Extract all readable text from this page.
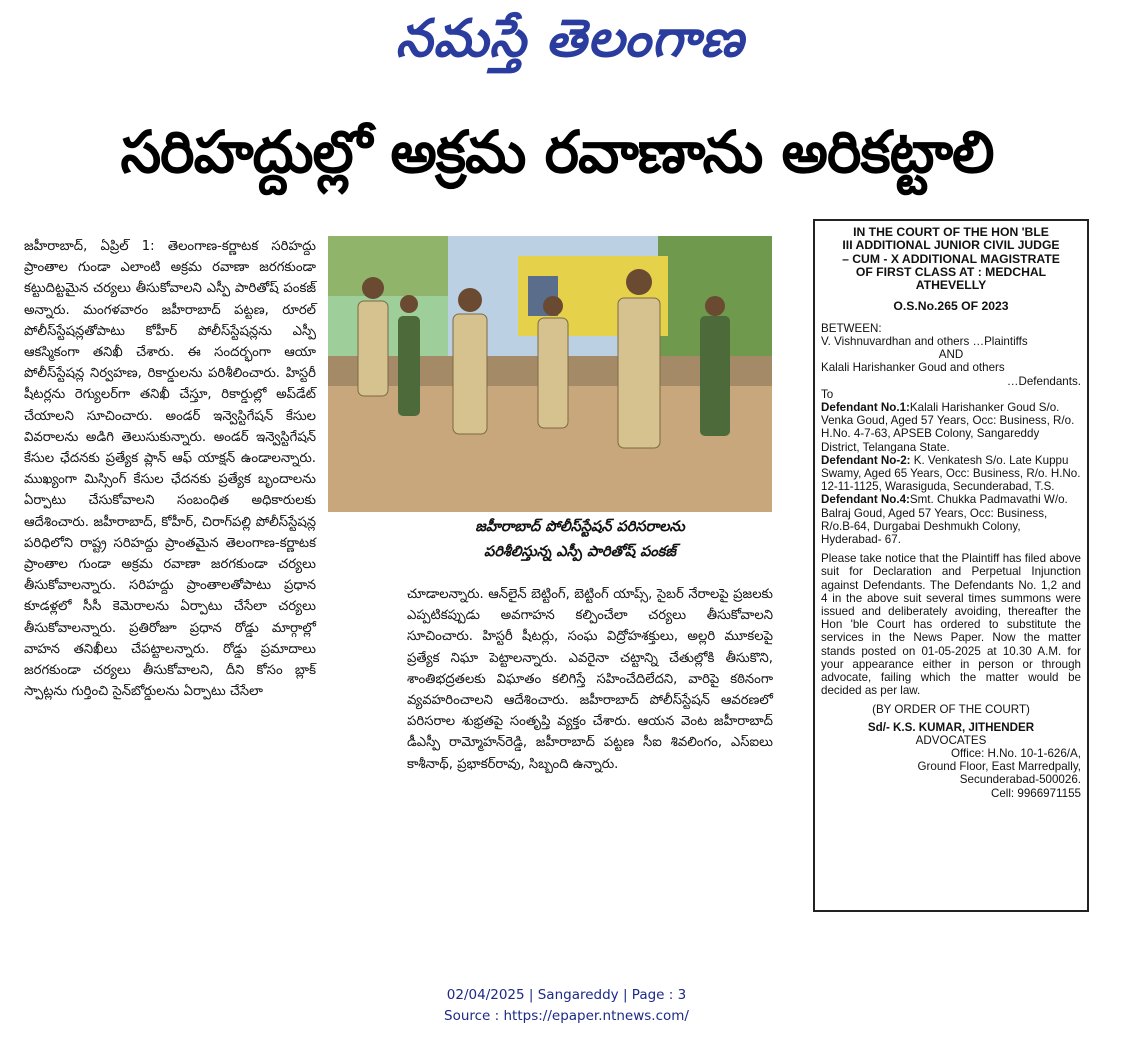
నమస్తే తెలంగాణ
సరిహద్దుల్లో అక్రమ రవాణాను అరికట్టాలి

జహీరాబాద్, ఏప్రిల్ 1: తెలంగాణ-కర్ణాటక సరిహద్దు ప్రాంతాల గుండా ఎలాంటి అక్రమ రవాణా జరగకుండా కట్టుదిట్టమైన చర్యలు తీసుకోవాలని ఎస్పీ పారితోష్ పంకజ్ అన్నారు. మంగళవారం జహీరాబాద్ పట్టణ, రూరల్ పోలీస్‌స్టేషన్లతోపాటు కోహీర్ పోలీస్‌స్టేషన్లను ఎస్పీ ఆకస్మికంగా తనిఖీ చేశారు. ఈ సందర్భంగా ఆయా పోలీస్‌స్టేషన్ల నిర్వహణ, రికార్డులను పరిశీలించారు. హిస్టరీ షీటర్లను రెగ్యులర్‌గా తనిఖీ చేస్తూ, రికార్డుల్లో అప్‌డేట్ చేయాలని సూచించారు. అండర్ ఇన్వెస్టిగేషన్ కేసుల వివరాలను అడిగి తెలుసుకున్నారు. అండర్ ఇన్వెస్టిగేషన్ కేసుల ఛేదనకు ప్రత్యేక ప్లాన్ ఆఫ్ యాక్షన్ ఉండాలన్నారు. ముఖ్యంగా మిస్సింగ్ కేసుల ఛేదనకు ప్రత్యేక బృందాలను ఏర్పాటు చేసుకోవాలని సంబంధిత అధికారులకు ఆదేశించారు. జహీరాబాద్, కోహీర్, చిరాగ్‌పల్లి పోలీస్‌స్టేషన్ల పరిధిలోని రాష్ట్ర సరిహద్దు ప్రాంతమైన తెలంగాణ-కర్ణాటక ప్రాంతాల గుండా అక్రమ రవాణా జరగకుండా చర్యలు తీసుకోవాలన్నారు. సరిహద్దు ప్రాంతాలతోపాటు ప్రధాన కూడళ్లలో సీసీ కెమెరాలను ఏర్పాటు చేసేలా చర్యలు తీసుకోవాలన్నారు. ప్రతిరోజూ ప్రధాన రోడ్డు మార్గాల్లో వాహన తనిఖీలు చేపట్టాలన్నారు. రోడ్డు ప్రమాదాలు జరగకుండా చర్యలు తీసుకోవాలని, దీని కోసం బ్లాక్ స్పాట్లను గుర్తించి సైన్‌బోర్డులను ఏర్పాటు చేసేలా

జహీరాబాద్ పోలీస్‌స్టేషన్ పరిసరాలను
పరిశీలిస్తున్న ఎస్పీ పారితోష్ పంకజ్

చూడాలన్నారు. ఆన్‌లైన్ బెట్టింగ్, బెట్టింగ్ యాప్స్, సైబర్ నేరాలపై ప్రజలకు ఎప్పటికప్పుడు అవగాహన కల్పించేలా చర్యలు తీసుకోవాలని సూచించారు. హిస్టరీ షీటర్లు, సంఘ విద్రోహశక్తులు, అల్లరి మూకలపై ప్రత్యేక నిఘా పెట్టాలన్నారు. ఎవరైనా చట్టాన్ని చేతుల్లోకి తీసుకొని, శాంతిభద్రతలకు విఘాతం కలిగిస్తే సహించేదిలేదని, వారిపై కఠినంగా వ్యవహరించాలని ఆదేశించారు. జహీరాబాద్ పోలీస్‌స్టేషన్ ఆవరణలో పరిసరాల శుభ్రతపై సంతృప్తి వ్యక్తం చేశారు. ఆయన వెంట జహీరాబాద్ డీఎస్పీ రామ్మోహన్‌రెడ్డి, జహీరాబాద్ పట్టణ సీఐ శివలింగం, ఎస్‌ఐలు కాశీనాథ్, ప్రభాకర్‌రావు, సిబ్బంది ఉన్నారు.

IN THE COURT OF THE HON 'BLE
III ADDITIONAL JUNIOR CIVIL JUDGE
– CUM - X ADDITIONAL MAGISTRATE
OF FIRST CLASS AT : MEDCHAL
ATHEVELLY
O.S.No.265 OF 2023
BETWEEN:
V. Vishnuvardhan and others …Plaintiffs
AND
Kalali Harishanker Goud and others
…Defendants.
To
Defendant No.1:Kalali Harishanker Goud S/o. Venka Goud, Aged 57 Years, Occ: Business, R/o. H.No. 4-7-63, APSEB Colony, Sangareddy District, Telangana State.
Defendant No-2: K. Venkatesh S/o. Late Kuppu Swamy, Aged 65 Years, Occ: Business, R/o. H.No. 12-11-1125, Warasiguda, Secunderabad, T.S.
Defendant No.4:Smt. Chukka Padmavathi W/o. Balraj Goud, Aged 57 Years, Occ: Business, R/o.B-64, Durgabai Deshmukh Colony, Hyderabad- 67.
Please take notice that the Plaintiff has filed above suit for Declaration and Perpetual Injunction against Defendants. The Defendants No. 1,2 and 4 in the above suit several times summons were issued and deliberately avoiding, thereafter the Hon 'ble Court has ordered to substitute the services in the News Paper. Now the matter stands posted on 01-05-2025 at 10.30 A.M. for your appearance either in person or through advocate, failing which the matter would be decided as per law.
(BY ORDER OF THE COURT)
Sd/- K.S. KUMAR, JITHENDER
ADVOCATES
Office: H.No. 10-1-626/A,
Ground Floor, East Marredpally,
Secunderabad-500026.
Cell: 9966971155
02/04/2025 | Sangareddy | Page : 3
Source : https://epaper.ntnews.com/
